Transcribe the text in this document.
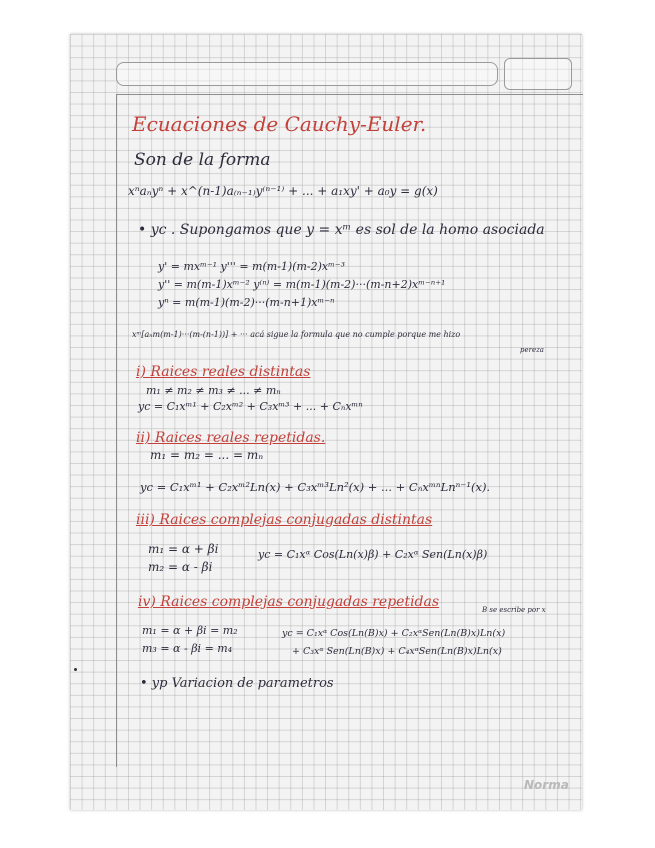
Ecuaciones de Cauchy-Euler.
Son de la forma
xⁿaₙyⁿ + x^(n-1)a₍ₙ₋₁₎y⁽ⁿ⁻¹⁾ + ... + a₁xy' + a₀y = g(x)
• yc . Supongamos que y = xᵐ es sol de la homo asociada
y' = mxᵐ⁻¹ y''' = m(m-1)(m-2)xᵐ⁻³
y'' = m(m-1)xᵐ⁻² y⁽ⁿ⁾ = m(m-1)(m-2)···(m-n+2)xᵐ⁻ⁿ⁺¹
yⁿ = m(m-1)(m-2)···(m-n+1)xᵐ⁻ⁿ
xᵐ[aₙm(m-1)···(m-(n-1))] + ··· acá sigue la formula que no cumple porque me hizo
pereza
i) Raices reales distintas
m₁ ≠ m₂ ≠ m₃ ≠ ... ≠ mₙ
yc = C₁xᵐ¹ + C₂xᵐ² + C₃xᵐ³ + ... + Cₙxᵐⁿ
ii) Raices reales repetidas.
m₁ = m₂ = ... = mₙ
yc = C₁xᵐ¹ + C₂xᵐ²Ln(x) + C₃xᵐ³Ln²(x) + ... + CₙxᵐⁿLnⁿ⁻¹(x).
iii) Raices complejas conjugadas distintas
m₁ = α + βi
m₂ = α - βi
yc = C₁xᵅ Cos(Ln(x)β) + C₂xᵅ Sen(Ln(x)β)
iv) Raices complejas conjugadas repetidas	B se escribe por x
m₁ = α + βi = m₂
m₃ = α - βi = m₄
yc = C₁xᵅ Cos(Ln(B)x) + C₂xᵅSen(Ln(B)x)Ln(x)
+ C₃xᵅ Sen(Ln(B)x) + C₄xᵅSen(Ln(B)x)Ln(x)
• yp Variacion de parametros
Norma
